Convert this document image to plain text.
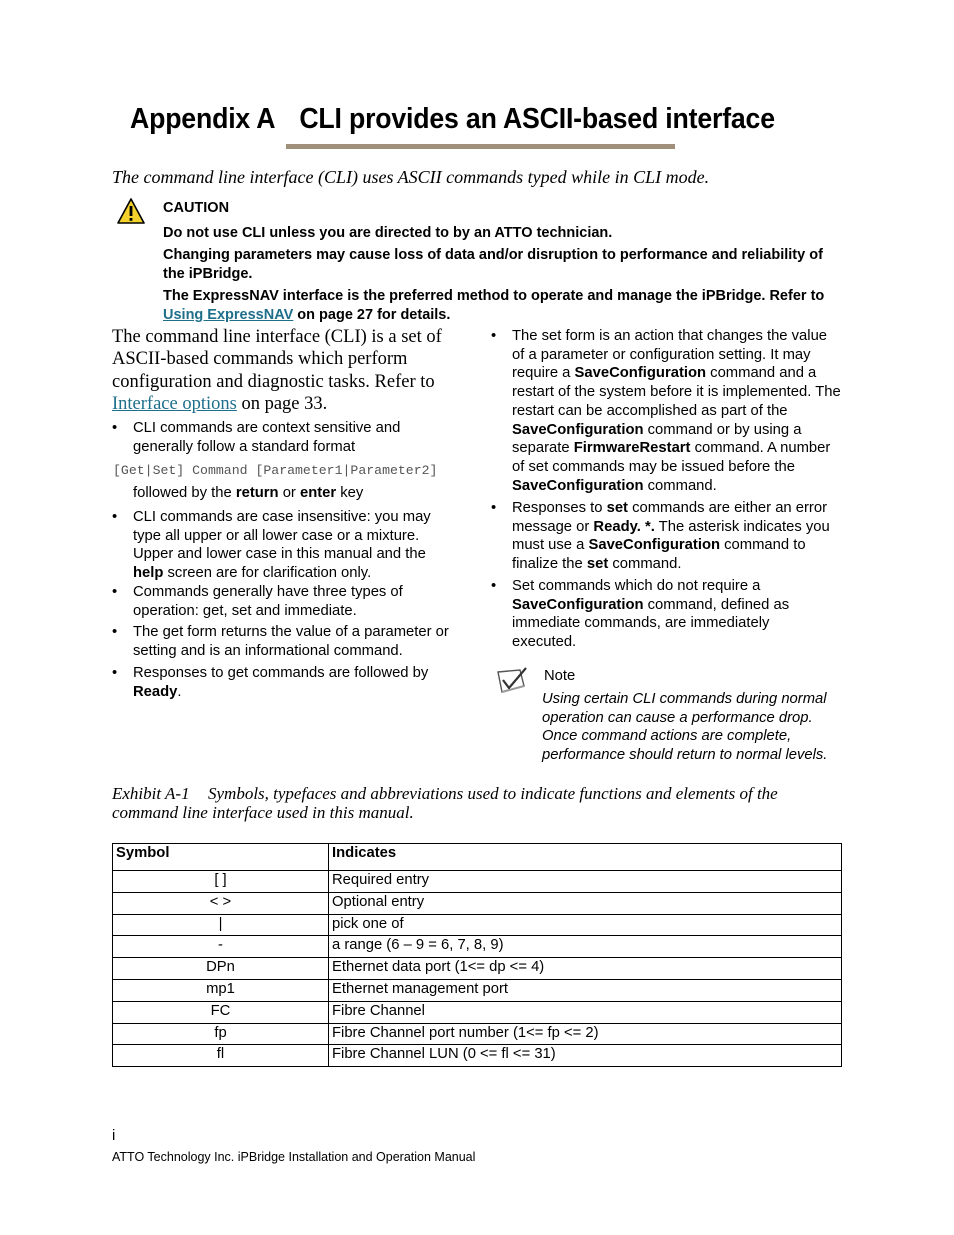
Appendix A CLI provides an ASCII-based interface
The command line interface (CLI) uses ASCII commands typed while in CLI mode.
CAUTION
Do not use CLI unless you are directed to by an ATTO technician.
Changing parameters may cause loss of data and/or disruption to performance and reliability of the iPBridge.
The ExpressNAV interface is the preferred method to operate and manage the iPBridge. Refer to Using ExpressNAV on page 27 for details.
The command line interface (CLI) is a set of ASCII-based commands which perform configuration and diagnostic tasks. Refer to Interface options on page 33.
• CLI commands are context sensitive and generally follow a standard format
[Get|Set] Command [Parameter1|Parameter2]
followed by the return or enter key
• CLI commands are case insensitive: you may type all upper or all lower case or a mixture. Upper and lower case in this manual and the help screen are for clarification only.
• Commands generally have three types of operation: get, set and immediate.
• The get form returns the value of a parameter or setting and is an informational command.
• Responses to get commands are followed by Ready.
• The set form is an action that changes the value of a parameter or configuration setting. It may require a SaveConfiguration command and a restart of the system before it is implemented. The restart can be accomplished as part of the SaveConfiguration command or by using a separate FirmwareRestart command. A number of set commands may be issued before the SaveConfiguration command.
• Responses to set commands are either an error message or Ready. *. The asterisk indicates you must use a SaveConfiguration command to finalize the set command.
• Set commands which do not require a SaveConfiguration command, defined as immediate commands, are immediately executed.
Note
Using certain CLI commands during normal operation can cause a performance drop. Once command actions are complete, performance should return to normal levels.
Exhibit A-1 Symbols, typefaces and abbreviations used to indicate functions and elements of the command line interface used in this manual.
Symbol	Indicates
[ ]	Required entry
< >	Optional entry
|	pick one of
-	a range (6 – 9 = 6, 7, 8, 9)
DPn	Ethernet data port (1<= dp <= 4)
mp1	Ethernet management port
FC	Fibre Channel
fp	Fibre Channel port number (1<= fp <= 2)
fl	Fibre Channel LUN (0 <= fl <= 31)
i
ATTO Technology Inc. iPBridge Installation and Operation Manual
